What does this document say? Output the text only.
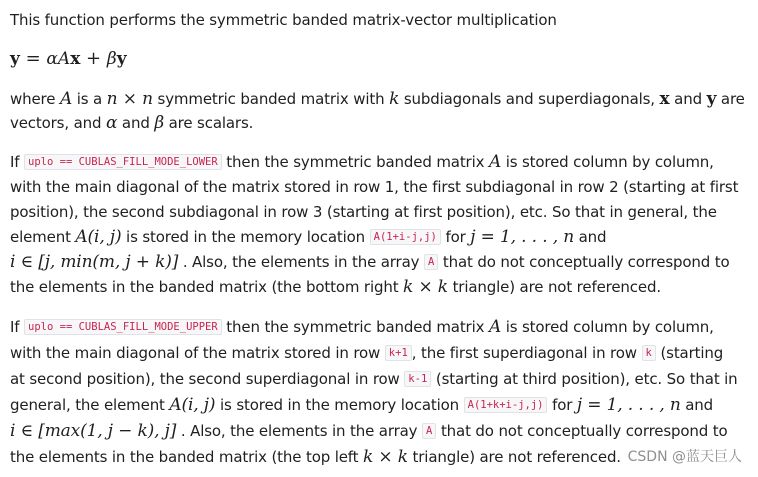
This function performs the symmetric banded matrix-vector multiplication
y = αAx + βy
where A is a n × n symmetric banded matrix with k subdiagonals and superdiagonals, x and y are
vectors, and α and β are scalars.
If uplo == CUBLAS_FILL_MODE_LOWER then the symmetric banded matrix A is stored column by column,
with the main diagonal of the matrix stored in row 1, the first subdiagonal in row 2 (starting at first
position), the second subdiagonal in row 3 (starting at first position), etc. So that in general, the
element A(i, j) is stored in the memory location A(1+i-j,j) for j = 1, . . . , n and
i ∈ [j, min(m, j + k)] . Also, the elements in the array A that do not conceptually correspond to
the elements in the banded matrix (the bottom right k × k triangle) are not referenced.
If uplo == CUBLAS_FILL_MODE_UPPER then the symmetric banded matrix A is stored column by column,
with the main diagonal of the matrix stored in row k+1 , the first superdiagonal in row k (starting
at second position), the second superdiagonal in row k-1 (starting at third position), etc. So that in
general, the element A(i, j) is stored in the memory location A(1+k+i-j,j) for j = 1, . . . , n and
i ∈ [max(1, j − k), j] . Also, the elements in the array A that do not conceptually correspond to
the elements in the banded matrix (the top left k × k triangle) are not referenced. CSDN @蓝天巨人
